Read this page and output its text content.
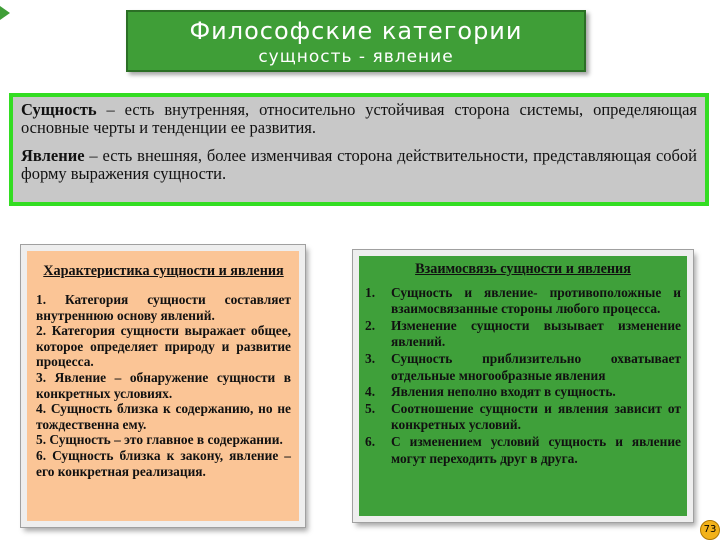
Философские категории
сущность - явление

Сущность – есть внутренняя, относительно устойчивая сторона системы, определяющая основные черты и тенденции ее развития.

Явление – есть внешняя, более изменчивая сторона действительности, представляющая собой форму выражения сущности.

Характеристика сущности и явления
1. Категория сущности составляет внутреннюю основу явлений.
2. Категория сущности выражает общее, которое определяет природу и развитие процесса.
3. Явление – обнаружение сущности в конкретных условиях.
4. Сущность близка к содержанию, но не тождественна ему.
5. Сущность – это главное в содержании.
6. Сущность близка к закону, явление – его конкретная реализация.
Взаимосвязь сущности и явления
1.	Сущность и явление- противоположные и взаимосвязанные стороны любого процесса.
2.	Изменение сущности вызывает изменение явлений.
3.	Сущность приблизительно охватывает отдельные многообразные явления
4.	Явления неполно входят в сущность.
5.	Соотношение сущности и явления зависит от конкретных условий.
6.	С изменением условий сущность и явление могут переходить друг в друга.
73
